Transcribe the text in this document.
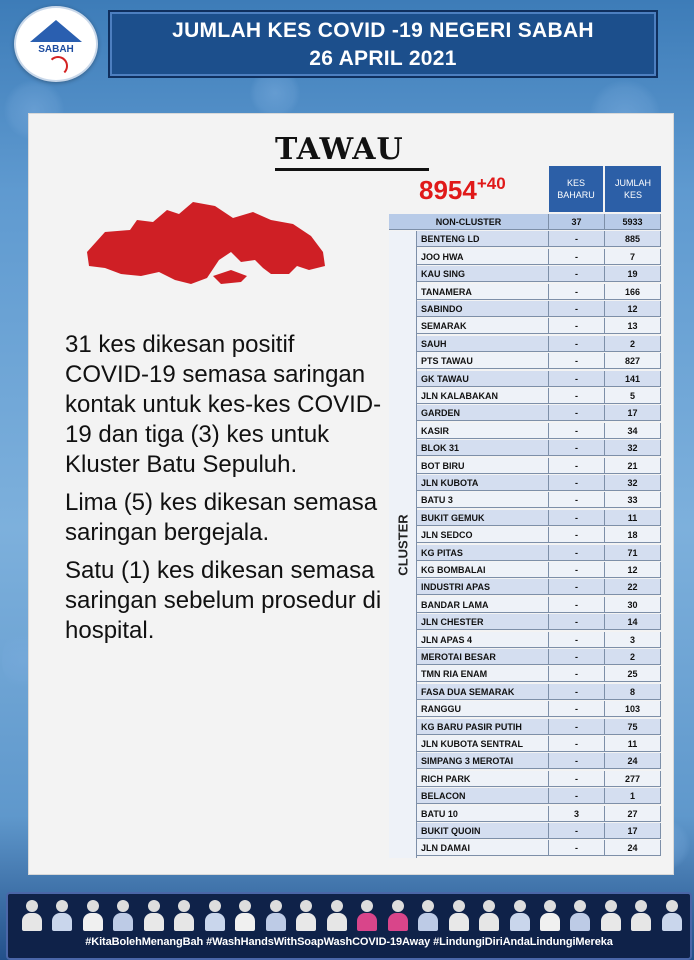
SABAH
JUMLAH KES COVID -19 NEGERI SABAH
26 APRIL 2021
TAWAU
$8954^{+40}$

31 kes dikesan positif COVID-19 semasa saringan kontak untuk kes-kes COVID-19 dan tiga (3) kes untuk Kluster Batu Sepuluh.

Lima (5) kes dikesan semasa saringan bergejala.

Satu (1) kes dikesan semasa saringan sebelum prosedur di hospital.

KES BAHARU
JUMLAH KES
NON-CLUSTER	37	5933
CLUSTER
BENTENG LD	-	885
JOO HWA	-	7
KAU SING	-	19
TANAMERA	-	166
SABINDO	-	12
SEMARAK	-	13
SAUH	-	2
PTS TAWAU	-	827
GK TAWAU	-	141
JLN KALABAKAN	-	5
GARDEN	-	17
KASIR	-	34
BLOK 31	-	32
BOT BIRU	-	21
JLN KUBOTA	-	32
BATU 3	-	33
BUKIT GEMUK	-	11
JLN SEDCO	-	18
KG PITAS	-	71
KG BOMBALAI	-	12
INDUSTRI APAS	-	22
BANDAR LAMA	-	30
JLN CHESTER	-	14
JLN APAS 4	-	3
MEROTAI BESAR	-	2
TMN RIA ENAM	-	25
FASA DUA SEMARAK	-	8
RANGGU	-	103
KG BARU PASIR PUTIH	-	75
JLN KUBOTA SENTRAL	-	11
SIMPANG 3 MEROTAI	-	24
RICH PARK	-	277
BELACON	-	1
BATU 10	3	27
BUKIT QUOIN	-	17
JLN DAMAI	-	24
#KitaBolehMenangBah #WashHandsWithSoapWashCOVID-19Away #LindungiDiriAndaLindungiMereka
